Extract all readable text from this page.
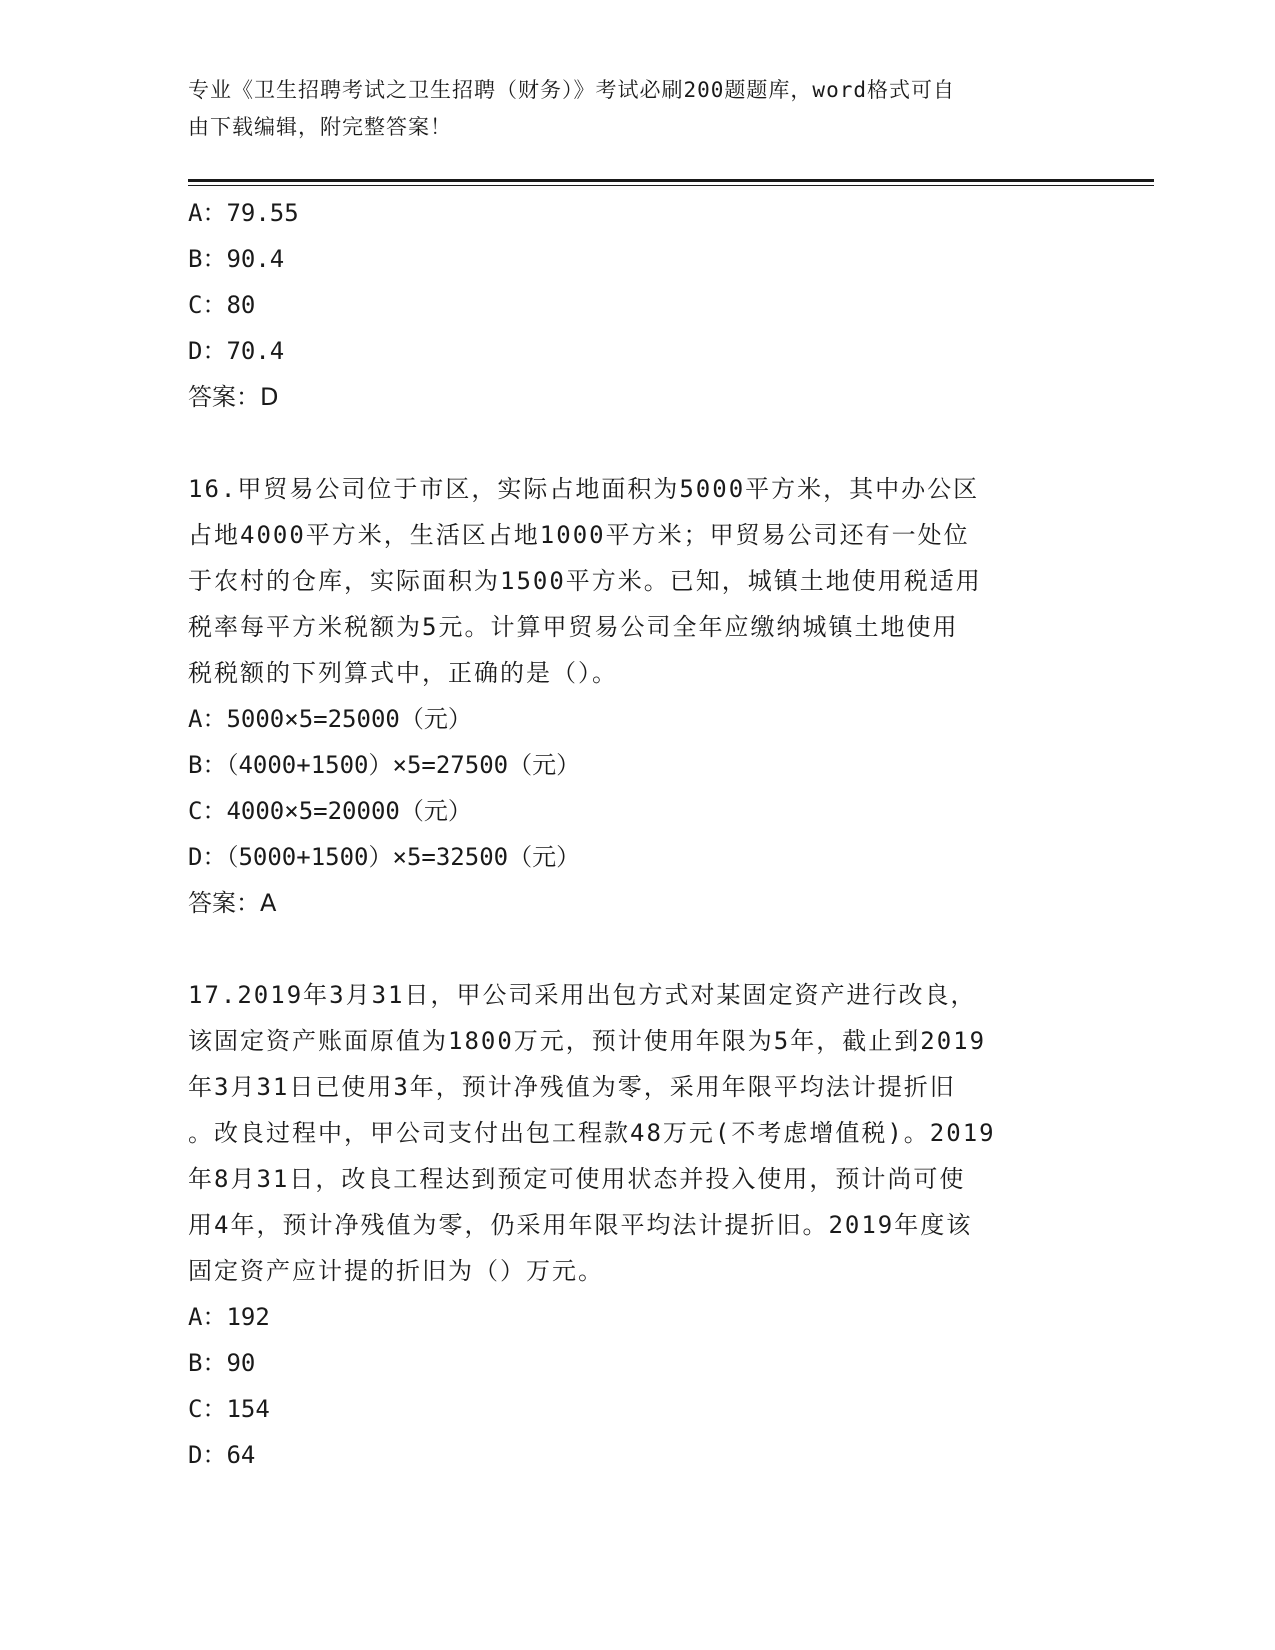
专业《卫生招聘考试之卫生招聘（财务）》考试必刷200题题库，word格式可自
由下载编辑，附完整答案！
A：79.55
B：90.4
C：80
D：70.4
答案：D
16.甲贸易公司位于市区，实际占地面积为5000平方米，其中办公区
占地4000平方米，生活区占地1000平方米；甲贸易公司还有一处位
于农村的仓库，实际面积为1500平方米。已知，城镇土地使用税适用
税率每平方米税额为5元。计算甲贸易公司全年应缴纳城镇土地使用
税税额的下列算式中，正确的是（）。
A：5000×5=25000（元）
B：（4000+1500）×5=27500（元）
C：4000×5=20000（元）
D：（5000+1500）×5=32500（元）
答案：A
17.2019年3月31日，甲公司采用出包方式对某固定资产进行改良，
该固定资产账面原值为1800万元，预计使用年限为5年，截止到2019
年3月31日已使用3年，预计净残值为零，采用年限平均法计提折旧
。改良过程中，甲公司支付出包工程款48万元(不考虑增值税)。2019
年8月31日，改良工程达到预定可使用状态并投入使用，预计尚可使
用4年，预计净残值为零，仍采用年限平均法计提折旧。2019年度该
固定资产应计提的折旧为（）万元。
A：192
B：90
C：154
D：64
